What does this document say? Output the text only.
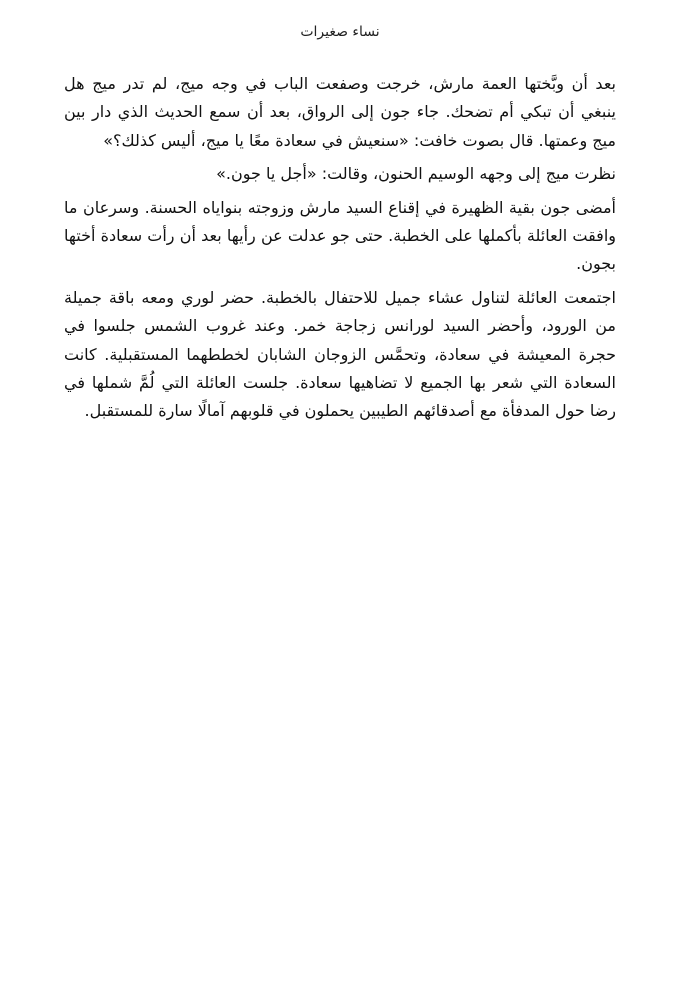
نساء صغيرات

بعد أن وبَّختها العمة مارش، خرجت وصفعت الباب في وجه ميج، لم تدر ميج هل ينبغي أن تبكي أم تضحك. جاء جون إلى الرواق، بعد أن سمع الحديث الذي دار بين ميج وعمتها. قال بصوت خافت: «سنعيش في سعادة معًا يا ميج، أليس كذلك؟»

نظرت ميج إلى وجهه الوسيم الحنون، وقالت: «أجل يا جون.»

أمضى جون بقية الظهيرة في إقناع السيد مارش وزوجته بنواياه الحسنة. وسرعان ما وافقت العائلة بأكملها على الخطبة. حتى جو عدلت عن رأيها بعد أن رأت سعادة أختها بجون.

اجتمعت العائلة لتناول عشاء جميل للاحتفال بالخطبة. حضر لوري ومعه باقة جميلة من الورود، وأحضر السيد لورانس زجاجة خمر. وعند غروب الشمس جلسوا في حجرة المعيشة في سعادة، وتحمَّس الزوجان الشابان لخططهما المستقبلية. كانت السعادة التي شعر بها الجميع لا تضاهيها سعادة. جلست العائلة التي لُمَّ شملها في رضا حول المدفأة مع أصدقائهم الطيبين يحملون في قلوبهم آمالًا سارة للمستقبل.
